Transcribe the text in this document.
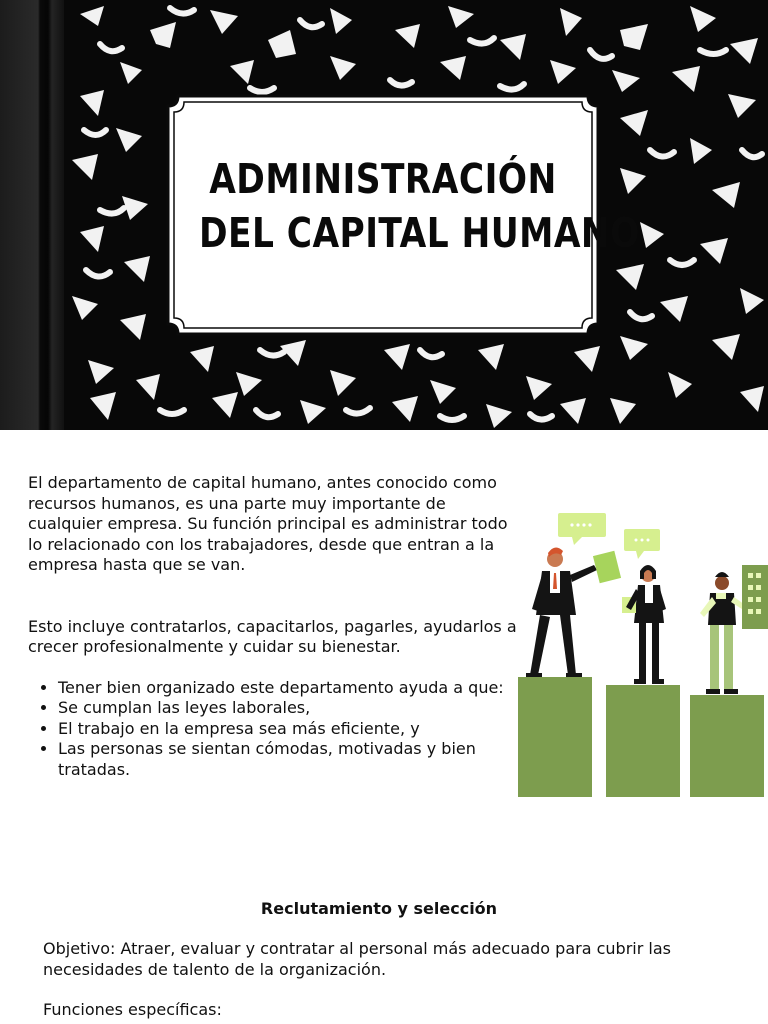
ADMINISTRACIÓN
DEL CAPITAL HUMANO

El departamento de capital humano, antes conocido como recursos humanos, es una parte muy importante de cualquier empresa. Su función principal es administrar todo lo relacionado con los trabajadores, desde que entran a la empresa hasta que se van.

Esto incluye contratarlos, capacitarlos, pagarles, ayudarlos a crecer profesionalmente y cuidar su bienestar.

• Tener bien organizado este departamento ayuda a que:
• Se cumplan las leyes laborales,
• El trabajo en la empresa sea más eficiente, y
• Las personas se sientan cómodas, motivadas y bien tratadas.
Reclutamiento y selección

Objetivo: Atraer, evaluar y contratar al personal más adecuado para cubrir las necesidades de talento de la organización.

Funciones específicas:
